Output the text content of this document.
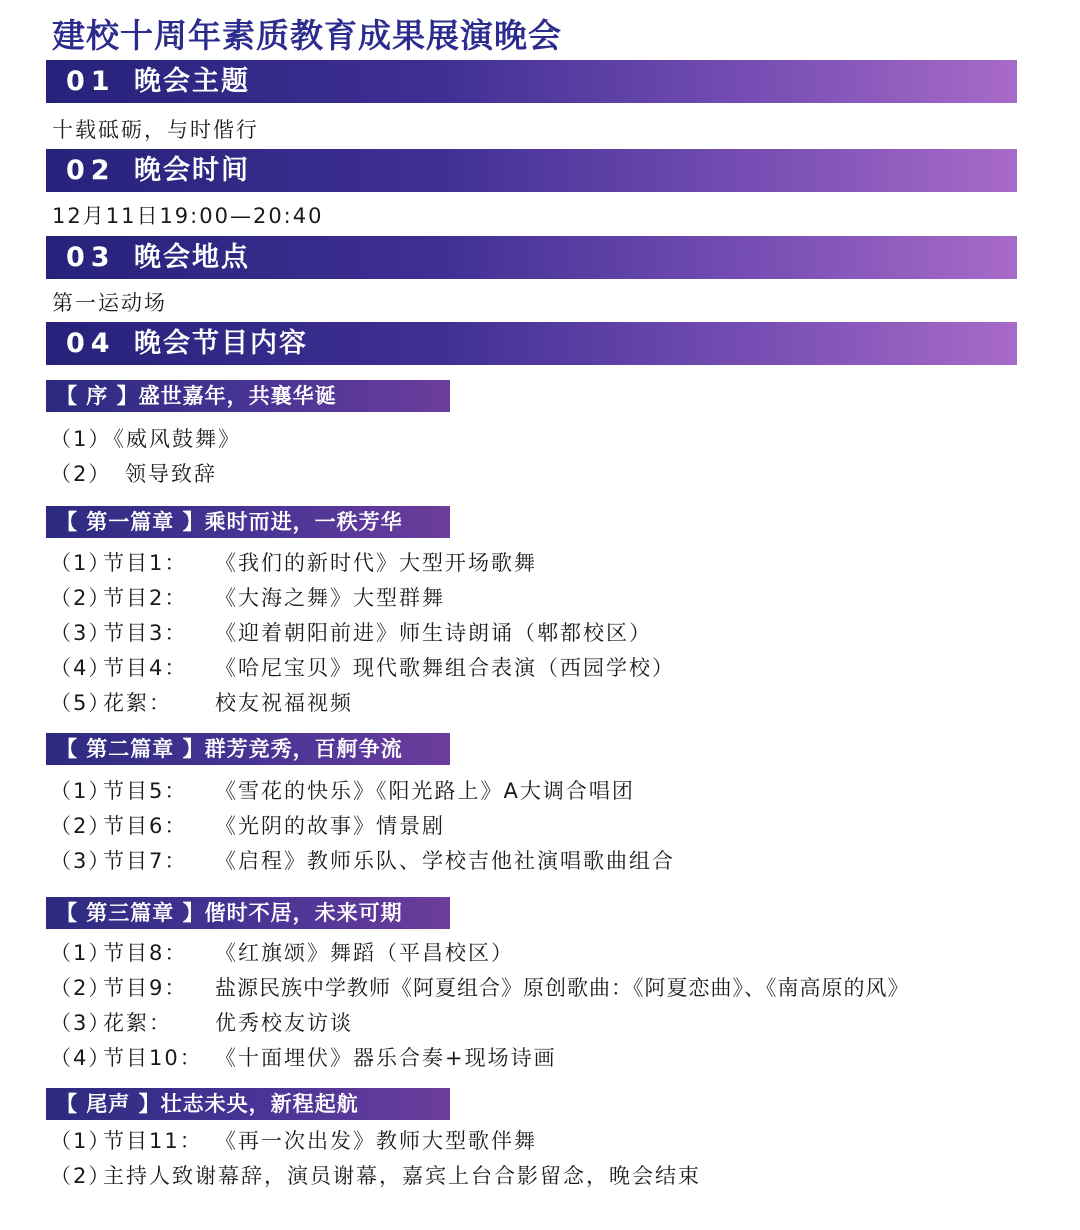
建校十周年素质教育成果展演晚会
01 晚会主题
十载砥砺，与时偕行
02 晚会时间
12月11日19:00—20:40
03 晚会地点
第一运动场
04 晚会节目内容
【 序 】盛世嘉年，共襄华诞
（1）《威风鼓舞》
（2） 领导致辞
【 第一篇章 】乘时而进，一秩芳华
（1）节目1： 《我们的新时代》大型开场歌舞
（2）节目2： 《大海之舞》大型群舞
（3）节目3： 《迎着朝阳前进》师生诗朗诵（郫都校区）
（4）节目4： 《哈尼宝贝》现代歌舞组合表演（西园学校）
（5）花絮： 校友祝福视频
【 第二篇章 】群芳竞秀，百舸争流
（1）节目5： 《雪花的快乐》《阳光路上》A大调合唱团
（2）节目6： 《光阴的故事》情景剧
（3）节目7： 《启程》教师乐队、学校吉他社演唱歌曲组合
【 第三篇章 】偕时不居，未来可期
（1）节目8： 《红旗颂》舞蹈（平昌校区）
（2）节目9： 盐源民族中学教师《阿夏组合》原创歌曲：《阿夏恋曲》、《南高原的风》
（3）花絮： 优秀校友访谈
（4）节目10： 《十面埋伏》器乐合奏+现场诗画
【 尾声 】壮志未央，新程起航
（1）节目11： 《再一次出发》教师大型歌伴舞
（2）主持人致谢幕辞，演员谢幕，嘉宾上台合影留念，晚会结束
